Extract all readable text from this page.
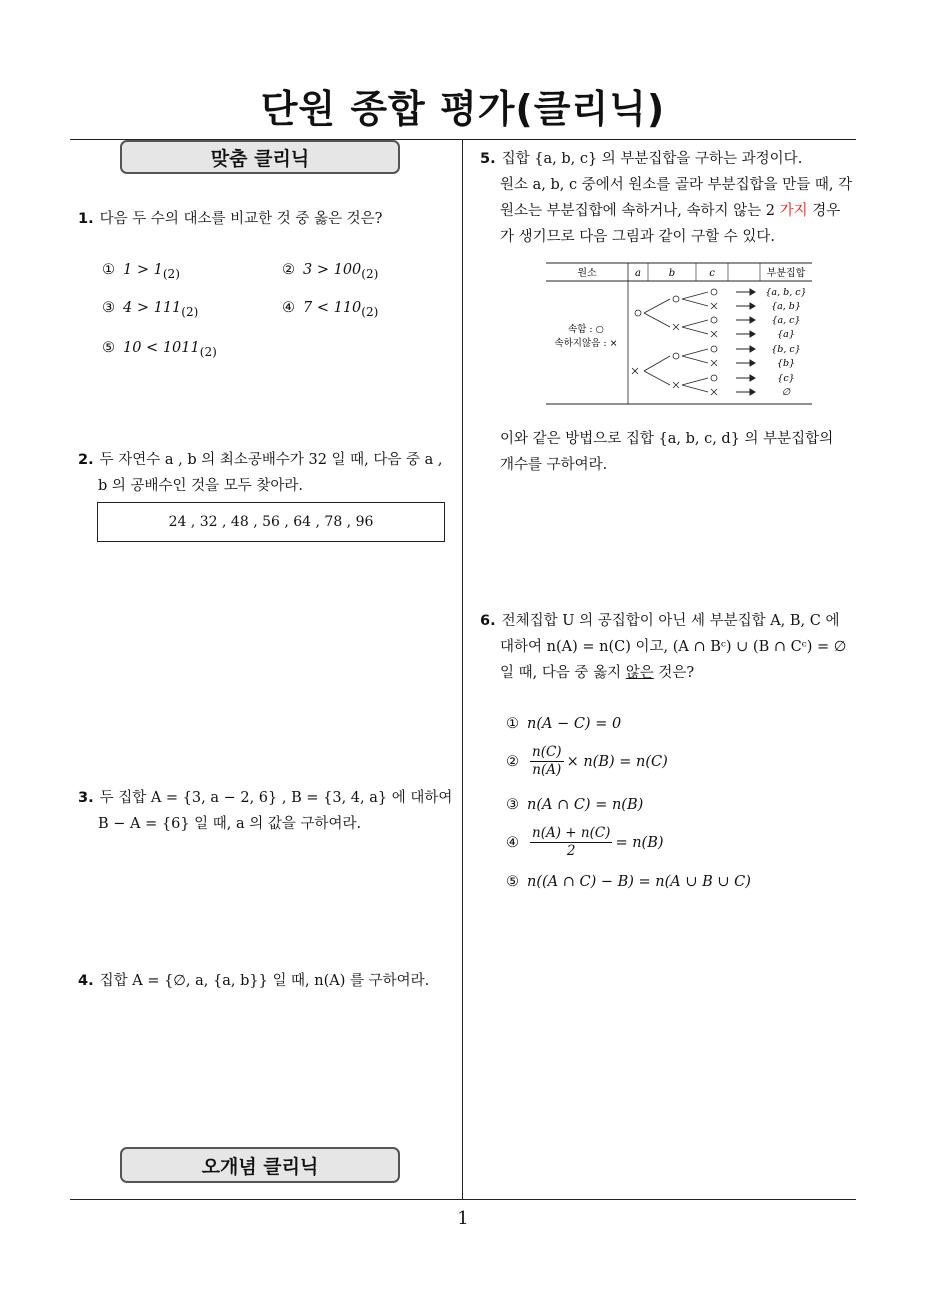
단원 종합 평가(클리닉)
맞춤 클리닉
1. 다음 두 수의 대소를 비교한 것 중 옳은 것은?
① $1 > 1_{(2)}$	② $3 > 100_{(2)}$
③ $4 > 111_{(2)}$	④ $7 < 110_{(2)}$
⑤ $10 < 1011_{(2)}$
2. 두 자연수 a , b 의 최소공배수가 32 일 때, 다음 중 a ,
b 의 공배수인 것을 모두 찾아라.
24 , 32 , 48 , 56 , 64 , 78 , 96
3. 두 집합 A = {3, a − 2, 6} , B = {3, 4, a} 에 대하여
B − A = {6} 일 때, a 의 값을 구하여라.
4. 집합 A = {∅, a, {a, b}} 일 때, n(A) 를 구하여라.
오개념 클리닉
5. 집합 {a, b, c} 의 부분집합을 구하는 과정이다.
원소 a, b, c 중에서 원소를 골라 부분집합을 만들 때, 각
원소는 부분집합에 속하거나, 속하지 않는 2 가지 경우
가 생기므로 다음 그림과 같이 구할 수 있다.
원소	a	b	c	부분집합
속함 : ○
속하지않음 : ×
{a, b, c}
{a, b}
{a, c}
{a}
{b, c}
{b}
{c}
∅
이와 같은 방법으로 집합 {a, b, c, d} 의 부분집합의
개수를 구하여라.
6. 전체집합 U 의 공집합이 아닌 세 부분집합 A, B, C 에
대하여 n(A) = n(C) 이고, (A ∩ Bᶜ) ∪ (B ∩ Cᶜ) = ∅
일 때, 다음 중 옳지 않은 것은?
① n(A − C) = 0
② $\frac{n(C)}{n(A)} \times n(B) = n(C)$
③ n(A ∩ C) = n(B)
④ $\frac{n(A) + n(C)}{2} = n(B)$
⑤ n((A ∩ C) − B) = n(A ∪ B ∪ C)
1
